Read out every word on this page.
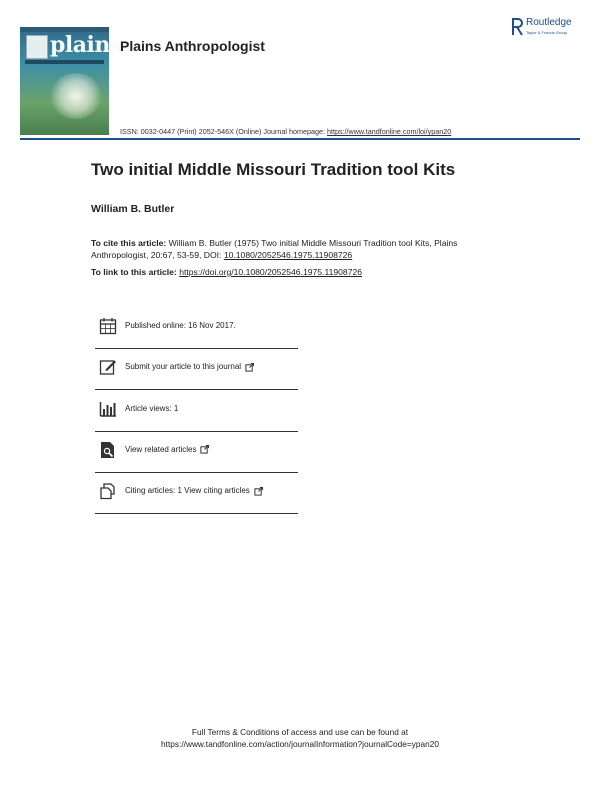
plains
Plains Anthropologist
Routledge
Taylor & Francis Group
ISSN: 0032-0447 (Print) 2052-546X (Online) Journal homepage: https://www.tandfonline.com/loi/ypan20
Two initial Middle Missouri Tradition tool Kits
William B. Butler
To cite this article: William B. Butler (1975) Two initial Middle Missouri Tradition tool Kits, Plains Anthropologist, 20:67, 53-59, DOI: 10.1080/2052546.1975.11908726
To link to this article: https://doi.org/10.1080/2052546.1975.11908726
Published online: 16 Nov 2017.
Submit your article to this journal
Article views: 1
View related articles
Citing articles: 1 View citing articles
Full Terms & Conditions of access and use can be found at
https://www.tandfonline.com/action/journalInformation?journalCode=ypan20
